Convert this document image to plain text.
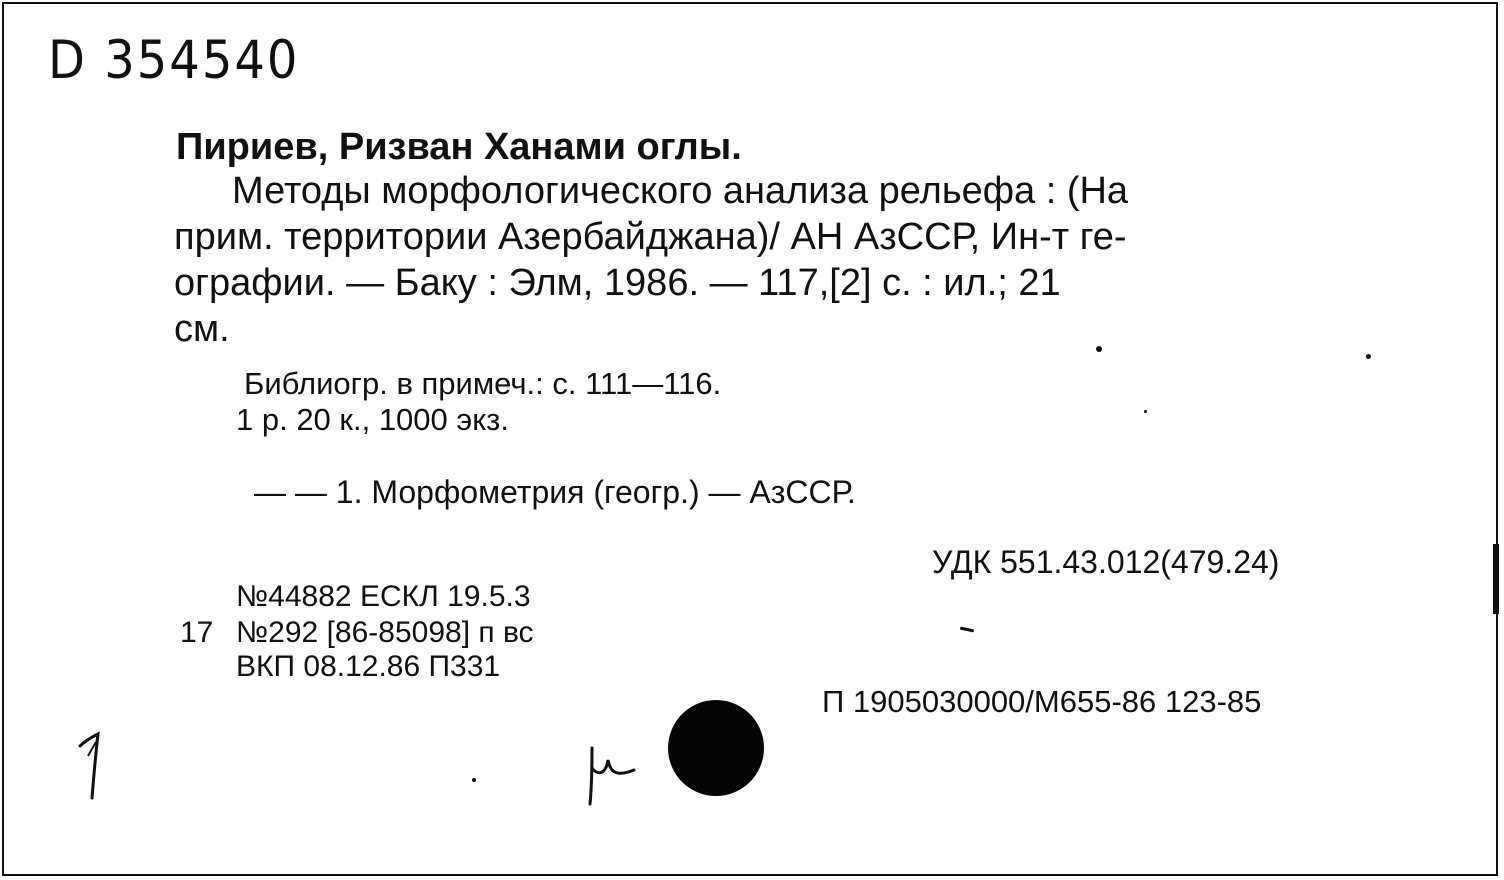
D 354540
Пириев, Ризван Ханами оглы.
Методы морфологического анализа рельефа : (На
прим. территории Азербайджана)/ АН АзССР, Ин-т ге-
ографии. — Баку : Элм, 1986. — 117,[2] с. : ил.; 21
см.
Библиогр. в примеч.: с. 111—116.
1 р. 20 к., 1000 экз.
— — 1. Морфометрия (геогр.) — АзССР.
УДК 551.43.012(479.24)
№44882 ЕСКЛ 19.5.3
17 №292 [86-85098] п вс
ВКП 08.12.86 П331
П 1905030000/М655-86 123-85
